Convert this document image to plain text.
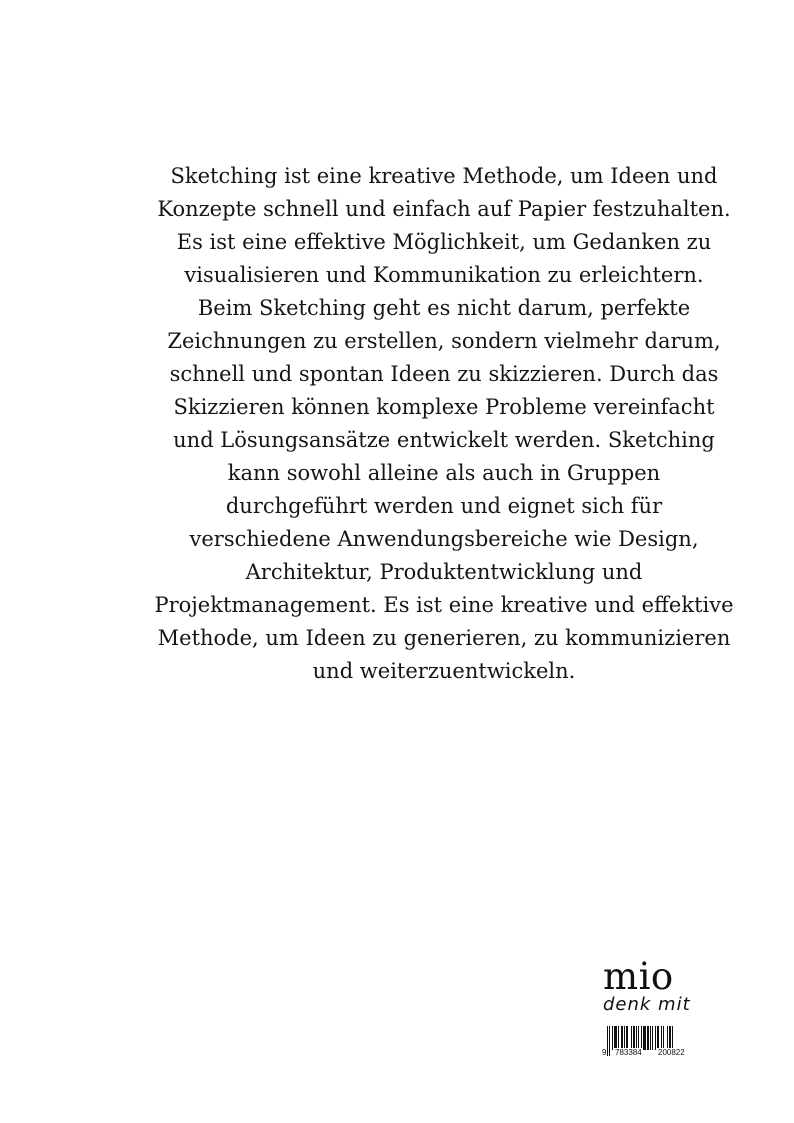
Sketching ist eine kreative Methode, um Ideen und
Konzepte schnell und einfach auf Papier festzuhalten.
Es ist eine effektive Möglichkeit, um Gedanken zu
visualisieren und Kommunikation zu erleichtern.
Beim Sketching geht es nicht darum, perfekte
Zeichnungen zu erstellen, sondern vielmehr darum,
schnell und spontan Ideen zu skizzieren. Durch das
Skizzieren können komplexe Probleme vereinfacht
und Lösungsansätze entwickelt werden. Sketching
kann sowohl alleine als auch in Gruppen
durchgeführt werden und eignet sich für
verschiedene Anwendungsbereiche wie Design,
Architektur, Produktentwicklung und
Projektmanagement. Es ist eine kreative und effektive
Methode, um Ideen zu generieren, zu kommunizieren
und weiterzuentwickeln.

mio
denk mit
9 783384 200822
